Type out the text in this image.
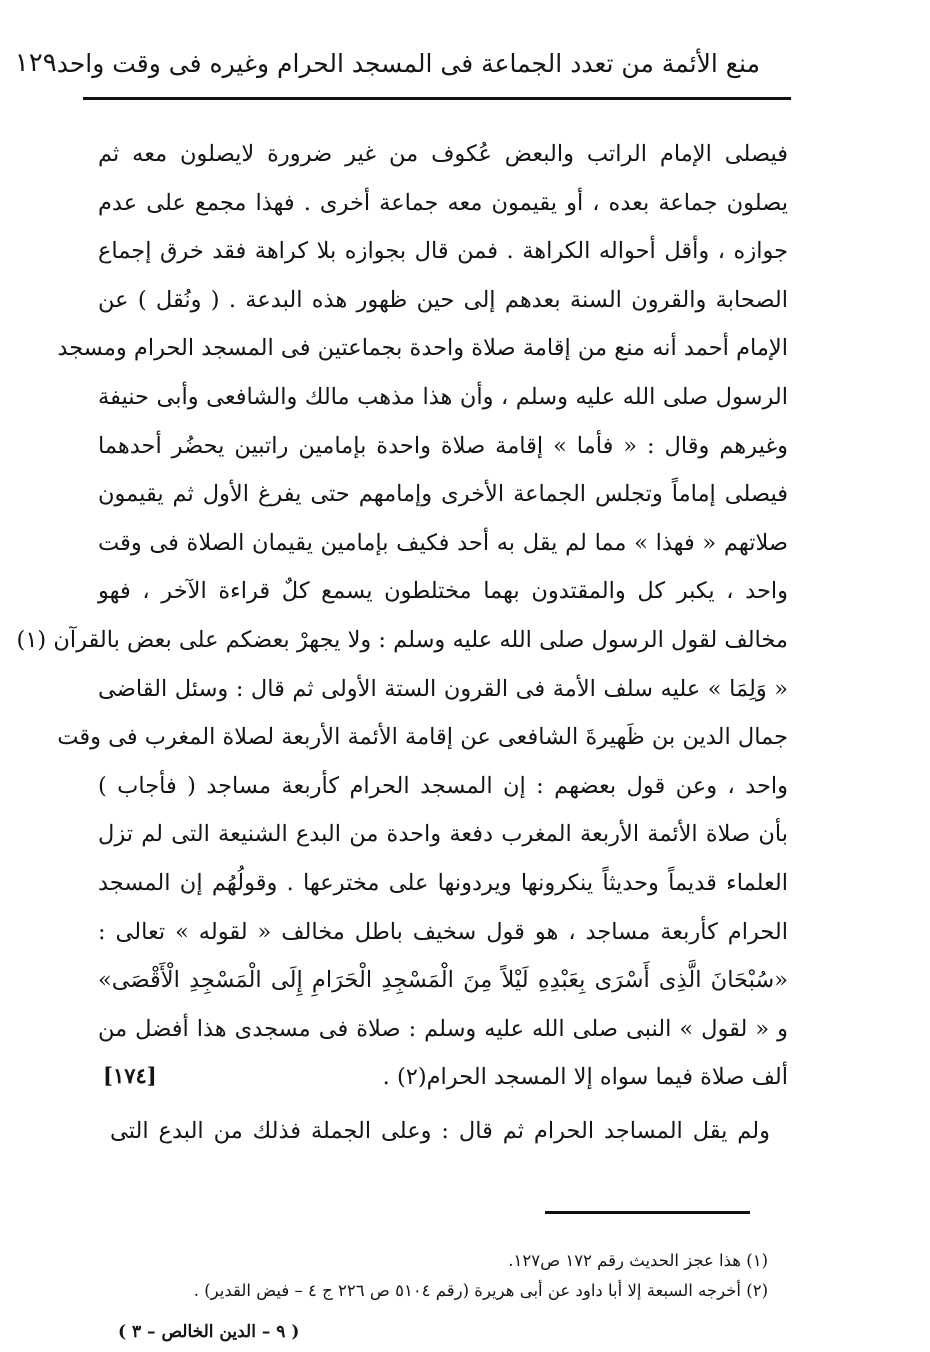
منع الأئمة من تعدد الجماعة فى المسجد الحرام وغيره فى وقت واحد
١٢٩
فيصلى الإمام الراتب والبعض عُكوف من غير ضرورة لايصلون معه ثم
يصلون جماعة بعده ، أو يقيمون معه جماعة أخرى . فهذا مجمع على عدم
جوازه ، وأقل أحواله الكراهة . فمن قال بجوازه بلا كراهة فقد خرق إجماع
الصحابة والقرون السنة بعدهم إلى حين ظهور هذه البدعة . ( ونُقل ) عن
الإمام أحمد أنه منع من إقامة صلاة واحدة بجماعتين فى المسجد الحرام ومسجد
الرسول صلى الله عليه وسلم ، وأن هذا مذهب مالك والشافعى وأبى حنيفة
وغيرهم وقال : « فأما » إقامة صلاة واحدة بإمامين راتبين يحضُر أحدهما
فيصلى إماماً وتجلس الجماعة الأخرى وإمامهم حتى يفرغ الأول ثم يقيمون
صلاتهم « فهذا » مما لم يقل به أحد فكيف بإمامين يقيمان الصلاة فى وقت
واحد ، يكبر كل والمقتدون بهما مختلطون يسمع كلٌ قراءة الآخر ، فهو
مخالف لقول الرسول صلى الله عليه وسلم : ولا يجهرْ بعضكم على بعض بالقرآن (١)
« وَلِمَا » عليه سلف الأمة فى القرون الستة الأولى ثم قال : وسئل القاضى
جمال الدين بن ظَهيرةَ الشافعى عن إقامة الأئمة الأربعة لصلاة المغرب فى وقت
واحد ، وعن قول بعضهم : إن المسجد الحرام كأربعة مساجد ( فأجاب )
بأن صلاة الأئمة الأربعة المغرب دفعة واحدة من البدع الشنيعة التى لم تزل
العلماء قديماً وحديثاً ينكرونها ويردونها على مخترعها . وقولُهُم إن المسجد
الحرام كأربعة مساجد ، هو قول سخيف باطل مخالف « لقوله » تعالى :
«سُبْحَانَ الَّذِى أَسْرَى بِعَبْدِهِ لَيْلاً مِنَ الْمَسْجِدِ الْحَرَامِ إِلَى الْمَسْجِدِ الْأَقْصَى»
و « لقول » النبى صلى الله عليه وسلم : صلاة فى مسجدى هذا أفضل من
ألف صلاة فيما سواه إلا المسجد الحرام(٢) .
[١٧٤]
ولم يقل المساجد الحرام ثم قال : وعلى الجملة فذلك من البدع التى
(١) هذا عجز الحديث رقم ١٧٢ ص١٢٧.
(٢) أخرجه السبعة إلا أبا داود عن أبى هريرة (رقم ٥١٠٤ ص ٢٢٦ ج ٤ – فيض القدير) .
( ٩ – الدين الخالص – ٣ )
